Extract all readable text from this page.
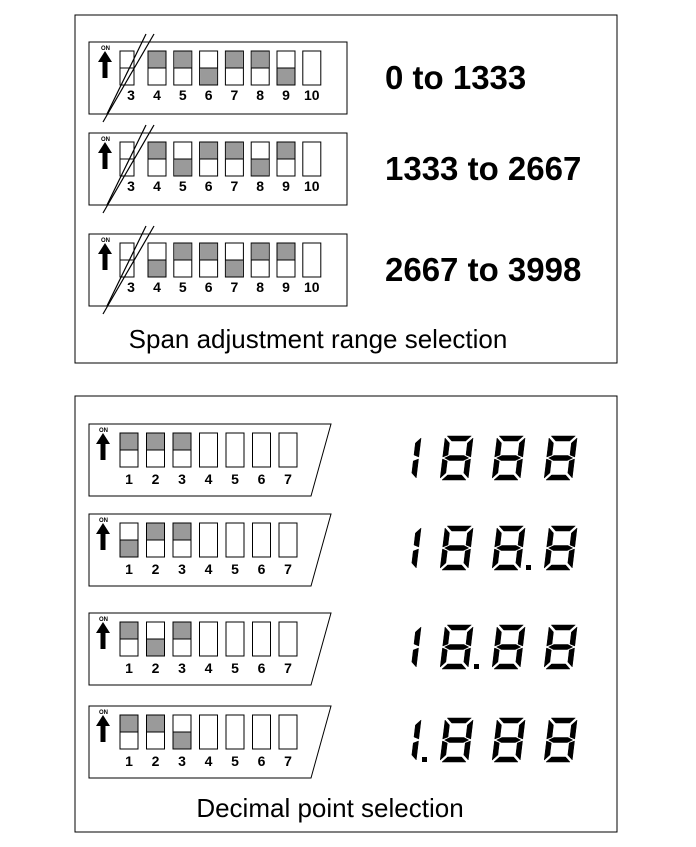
ON
3 4 5 6 7 8 9 10 0 to 1333
ON
3 4 5 6 7 8 9 10 1333 to 2667
ON
3 4 5 6 7 8 9 10 2667 to 3998
Span adjustment range selection
ON
1 2 3 4 5 6 7
ON
1 2 3 4 5 6 7
ON
1 2 3 4 5 6 7
ON
1 2 3 4 5 6 7
Decimal point selection
